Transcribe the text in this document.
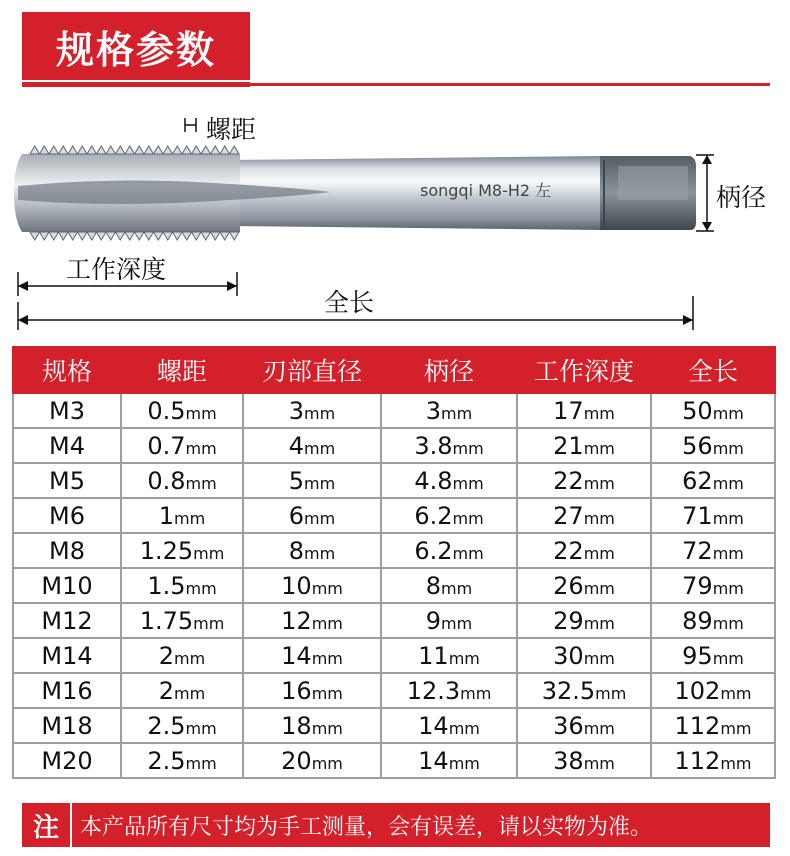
规格参数
songqi M8-H2 左
螺距
柄径
工作深度
全长
规格	螺距	刃部直径	柄径	工作深度	全长
M3	0.5mm	3mm	3mm	17mm	50mm
M4	0.7mm	4mm	3.8mm	21mm	56mm
M5	0.8mm	5mm	4.8mm	22mm	62mm
M6	1mm	6mm	6.2mm	27mm	71mm
M8	1.25mm	8mm	6.2mm	22mm	72mm
M10	1.5mm	10mm	8mm	26mm	79mm
M12	1.75mm	12mm	9mm	29mm	89mm
M14	2mm	14mm	11mm	30mm	95mm
M16	2mm	16mm	12.3mm	32.5mm	102mm
M18	2.5mm	18mm	14mm	36mm	112mm
M20	2.5mm	20mm	14mm	38mm	112mm
注 本产品所有尺寸均为手工测量，会有误差，请以实物为准。
